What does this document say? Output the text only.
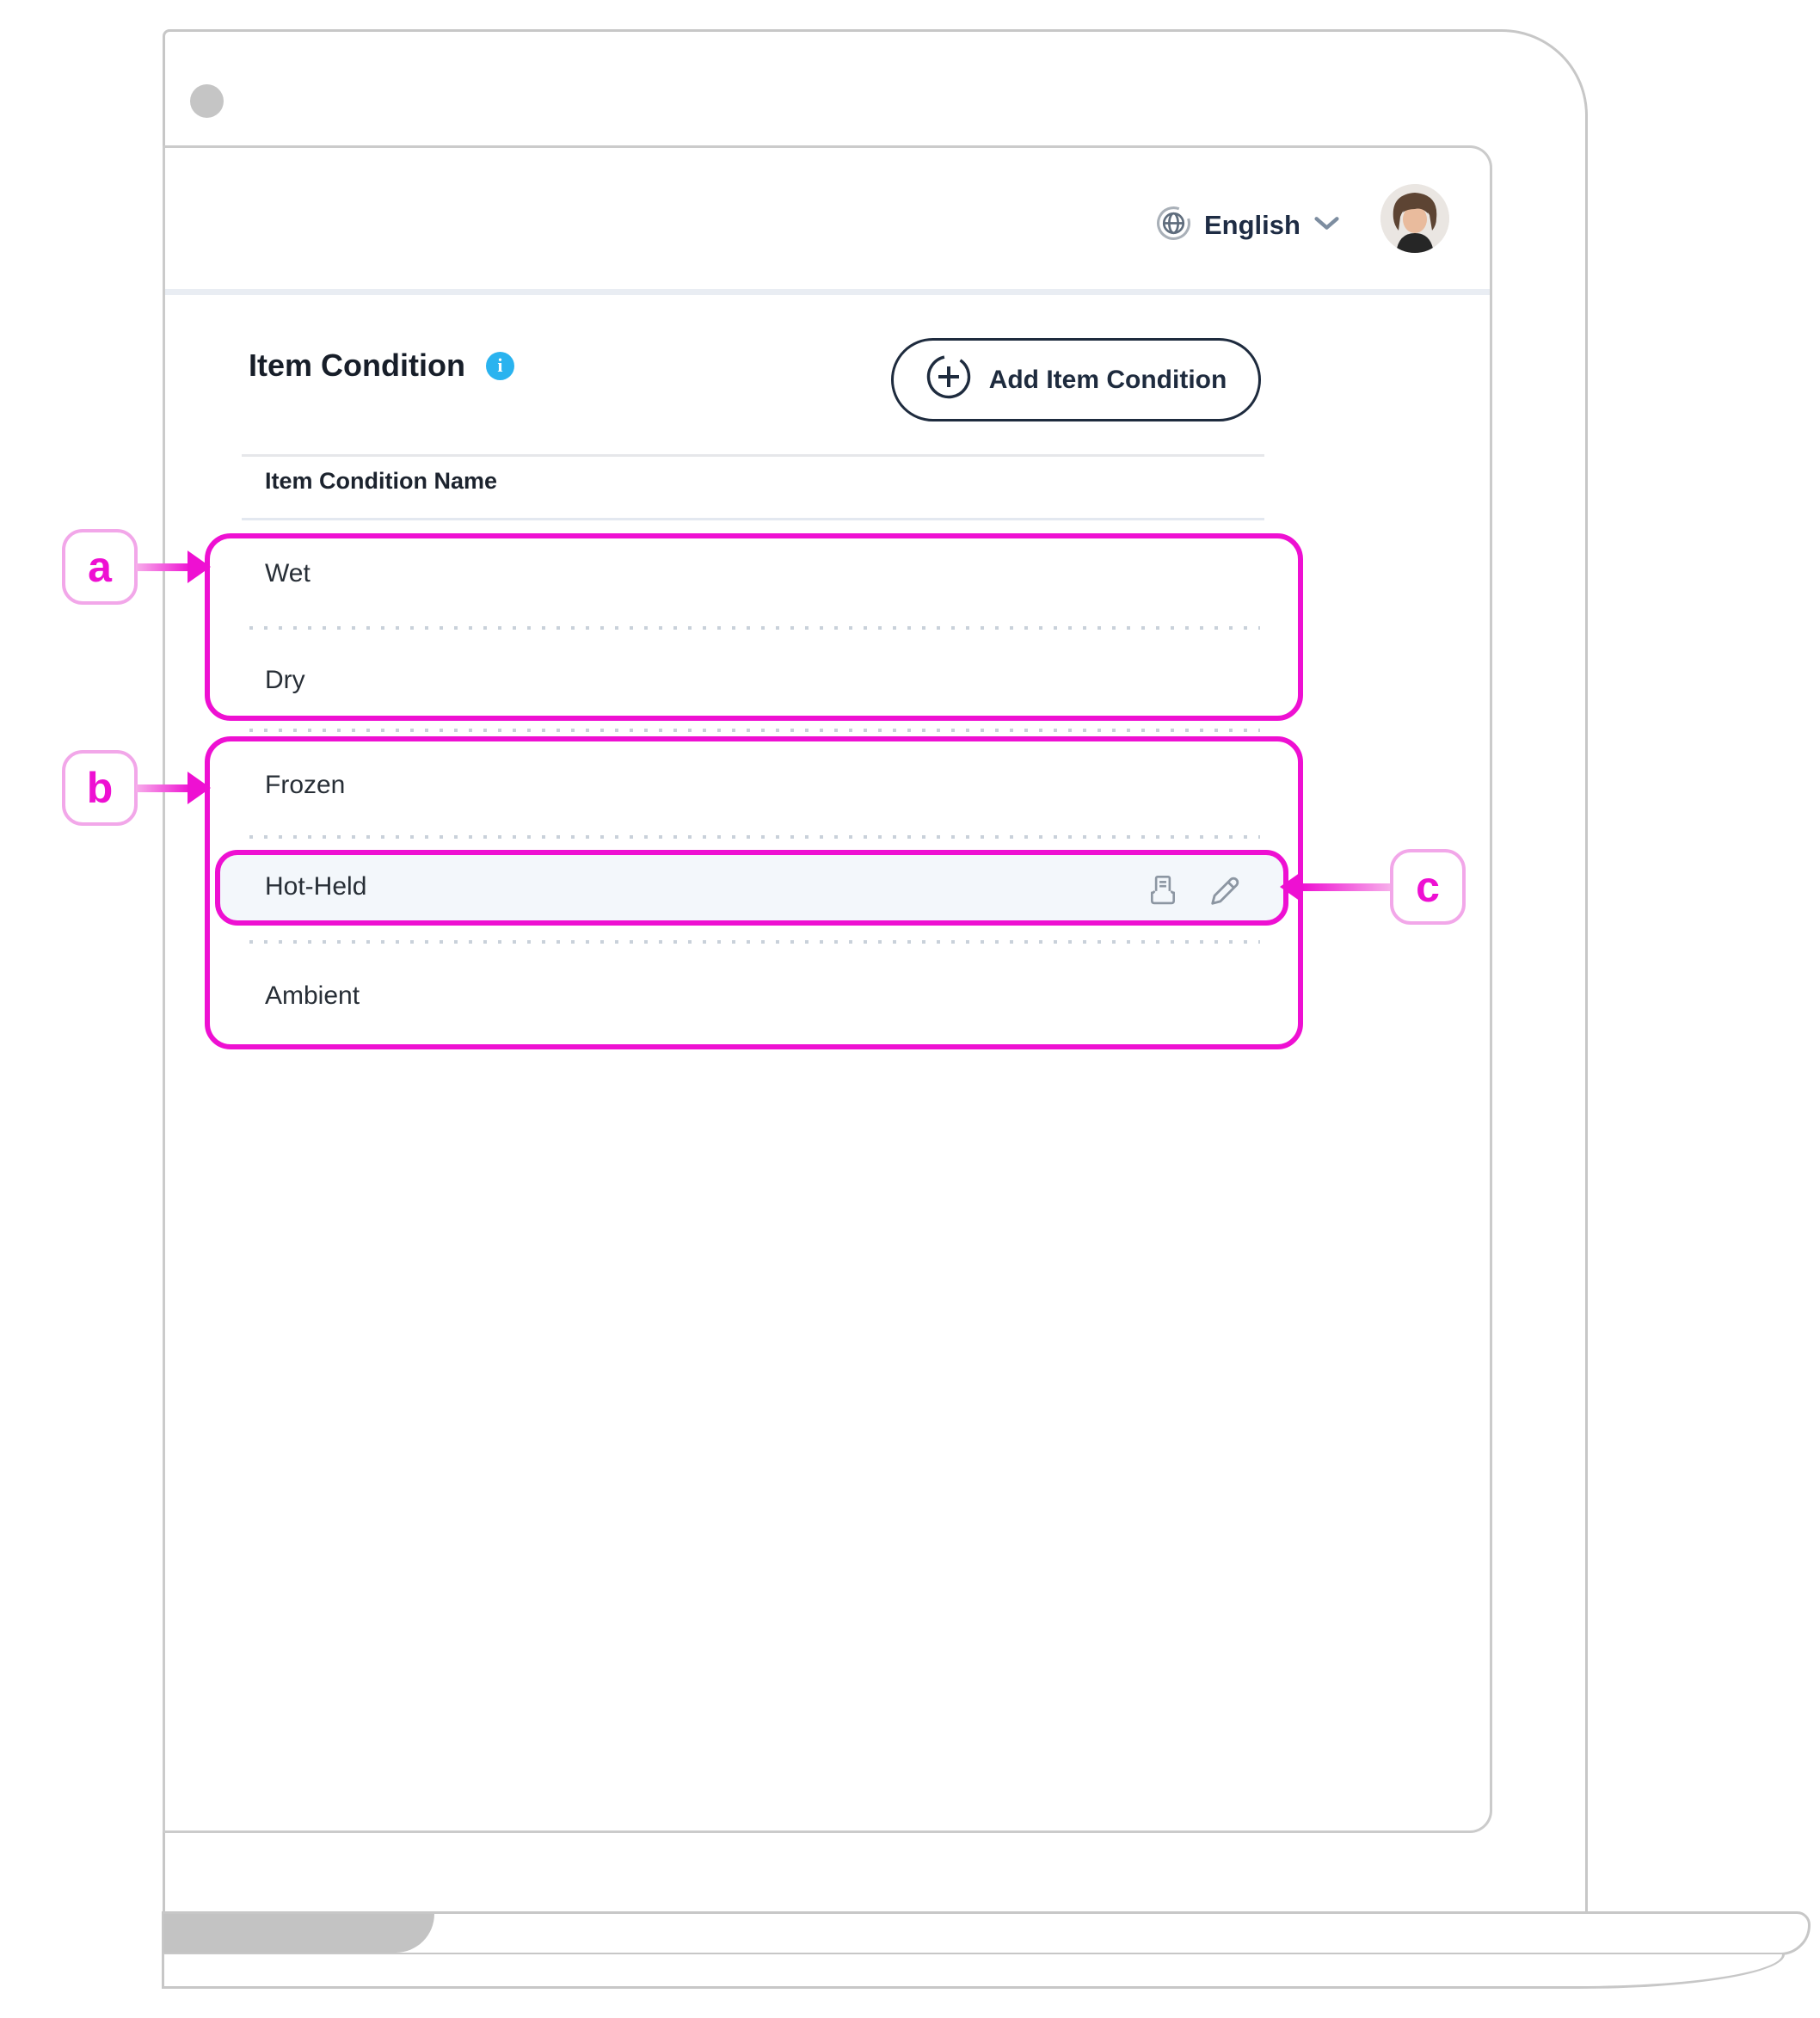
English
Item Condition	i	Add Item Condition
Item Condition Name
Wet
Dry
Frozen
Hot-Held
Ambient
a
b
c
